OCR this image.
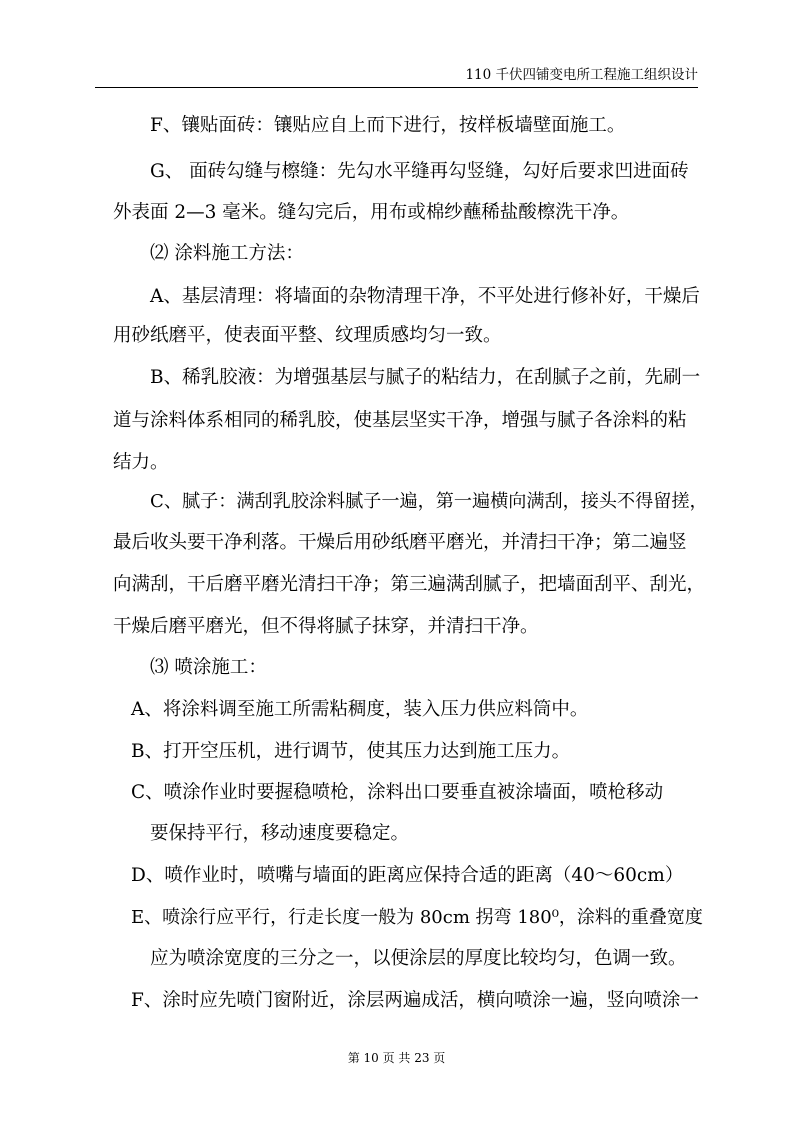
110 千伏四铺变电所工程施工组织设计
F、镶贴面砖：镶贴应自上而下进行，按样板墙壁面施工。
G、 面砖勾缝与檫缝：先勾水平缝再勾竖缝，勾好后要求凹进面砖
外表面 2—3 毫米。缝勾完后，用布或棉纱蘸稀盐酸檫洗干净。
⑵ 涂料施工方法：
A、基层清理：将墙面的杂物清理干净，不平处进行修补好，干燥后
用砂纸磨平，使表面平整、纹理质感均匀一致。
B、稀乳胶液：为增强基层与腻子的粘结力，在刮腻子之前，先刷一
道与涂料体系相同的稀乳胶，使基层坚实干净，增强与腻子各涂料的粘
结力。
C、腻子：满刮乳胶涂料腻子一遍，第一遍横向满刮，接头不得留搓，
最后收头要干净利落。干燥后用砂纸磨平磨光，并清扫干净；第二遍竖
向满刮，干后磨平磨光清扫干净；第三遍满刮腻子，把墙面刮平、刮光，
干燥后磨平磨光，但不得将腻子抹穿，并清扫干净。
⑶ 喷涂施工：
A、将涂料调至施工所需粘稠度，装入压力供应料筒中。
B、打开空压机，进行调节，使其压力达到施工压力。
C、喷涂作业时要握稳喷枪，涂料出口要垂直被涂墙面，喷枪移动
要保持平行，移动速度要稳定。
D、喷作业时，喷嘴与墙面的距离应保持合适的距离（40～60cm）
E、喷涂行应平行，行走长度一般为 80cm 拐弯 180⁰，涂料的重叠宽度
应为喷涂宽度的三分之一，以便涂层的厚度比较均匀，色调一致。
F、涂时应先喷门窗附近，涂层两遍成活，横向喷涂一遍，竖向喷涂一
第 10 页 共 23 页
